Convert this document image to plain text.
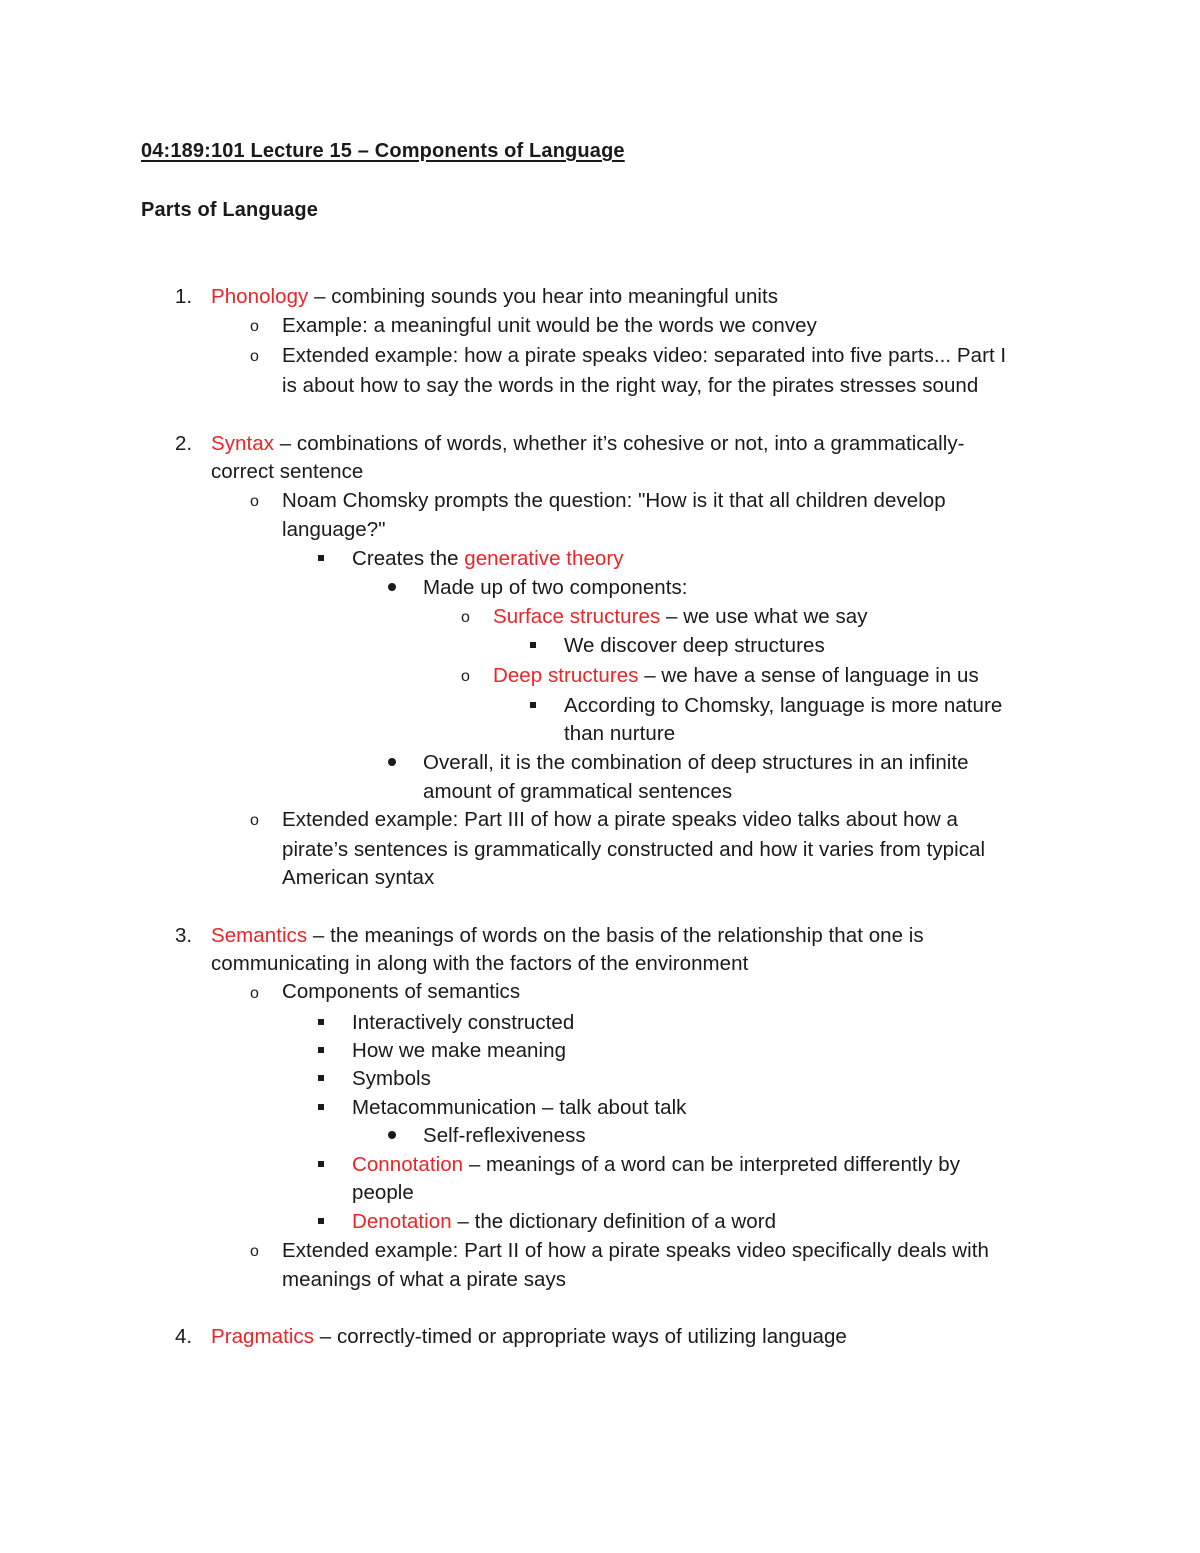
04:189:101 Lecture 15 – Components of Language
Parts of Language
1. Phonology – combining sounds you hear into meaningful units
o Example: a meaningful unit would be the words we convey
o Extended example: how a pirate speaks video: separated into five parts... Part I
is about how to say the words in the right way, for the pirates stresses sound
2. Syntax – combinations of words, whether it’s cohesive or not, into a grammatically-
correct sentence
o Noam Chomsky prompts the question: "How is it that all children develop
language?"
Creates the generative theory
Made up of two components:
o Surface structures – we use what we say
We discover deep structures
o Deep structures – we have a sense of language in us
According to Chomsky, language is more nature
than nurture
Overall, it is the combination of deep structures in an infinite
amount of grammatical sentences
o Extended example: Part III of how a pirate speaks video talks about how a
pirate’s sentences is grammatically constructed and how it varies from typical
American syntax
3. Semantics – the meanings of words on the basis of the relationship that one is
communicating in along with the factors of the environment
o Components of semantics
Interactively constructed
How we make meaning
Symbols
Metacommunication – talk about talk
Self-reflexiveness
Connotation – meanings of a word can be interpreted differently by
people
Denotation – the dictionary definition of a word
o Extended example: Part II of how a pirate speaks video specifically deals with
meanings of what a pirate says
4. Pragmatics – correctly-timed or appropriate ways of utilizing language
